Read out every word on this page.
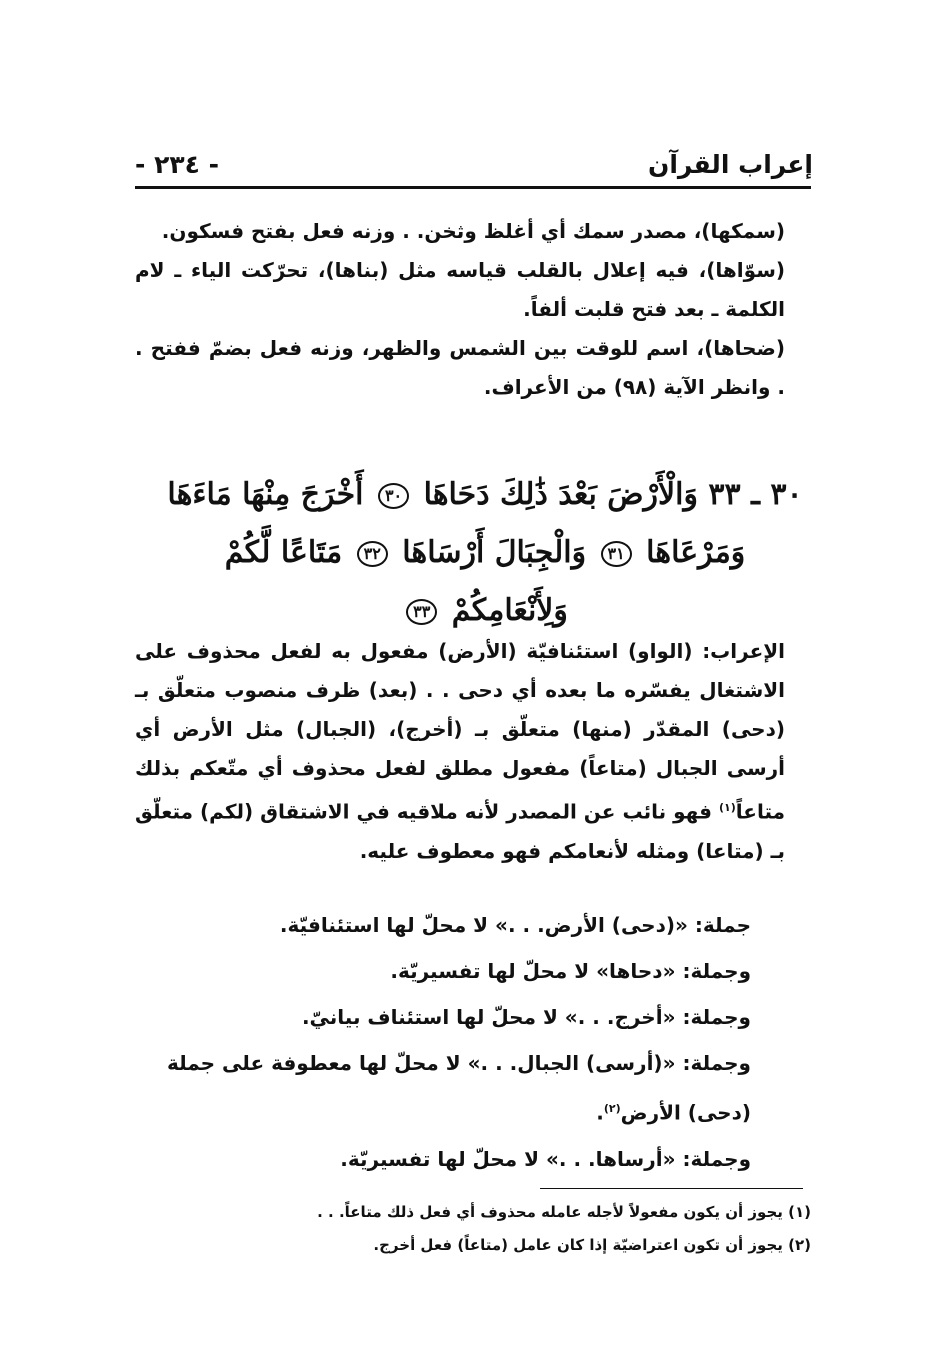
إعراب القرآن
- ٢٣٤ -

(سمكها)، مصدر سمك أي أغلظ وثخن. . وزنه فعل بفتح فسكون.

(سوّاها)، فيه إعلال بالقلب قياسه مثل (بناها)، تحرّكت الياء ـ لام الكلمة ـ بعد فتح قلبت ألفاً.

(ضحاها)، اسم للوقت بين الشمس والظهر، وزنه فعل بضمّ ففتح . . وانظر الآية (٩٨) من الأعراف.

٣٠ ـ ٣٣ وَالْأَرْضَ بَعْدَ ذَٰلِكَ دَحَاهَا ٣٠ أَخْرَجَ مِنْهَا مَاءَهَا
وَمَرْعَاهَا ٣١ وَالْجِبَالَ أَرْسَاهَا ٣٢ مَتَاعًا لَّكُمْ وَلِأَنْعَامِكُمْ ٣٣

الإعراب: (الواو) استئنافيّة (الأرض) مفعول به لفعل محذوف على الاشتغال يفسّره ما بعده أي دحى . . (بعد) ظرف منصوب متعلّق بـ (دحى) المقدّر (منها) متعلّق بـ (أخرج)، (الجبال) مثل الأرض أي أرسى الجبال (متاعاً) مفعول مطلق لفعل محذوف أي متّعكم بذلك متاعاً$^{(١)}$ فهو نائب عن المصدر لأنه ملاقيه في الاشتقاق (لكم) متعلّق بـ (متاعا) ومثله لأنعامكم فهو معطوف عليه.

جملة: «(دحى) الأرض. . .» لا محلّ لها استئنافيّة.

وجملة: «دحاها» لا محلّ لها تفسيريّة.

وجملة: «أخرج. . .» لا محلّ لها استئناف بيانيّ.

وجملة: «(أرسى) الجبال. . .» لا محلّ لها معطوفة على جملة (دحى) الأرض$^{(٢)}$.

وجملة: «أرساها. . .» لا محلّ لها تفسيريّة.

(١) يجوز أن يكون مفعولاً لأجله عامله محذوف أي فعل ذلك متاعاً. . .
(٢) يجوز أن تكون اعتراضيّة إذا كان عامل (متاعاً) فعل أخرج.
